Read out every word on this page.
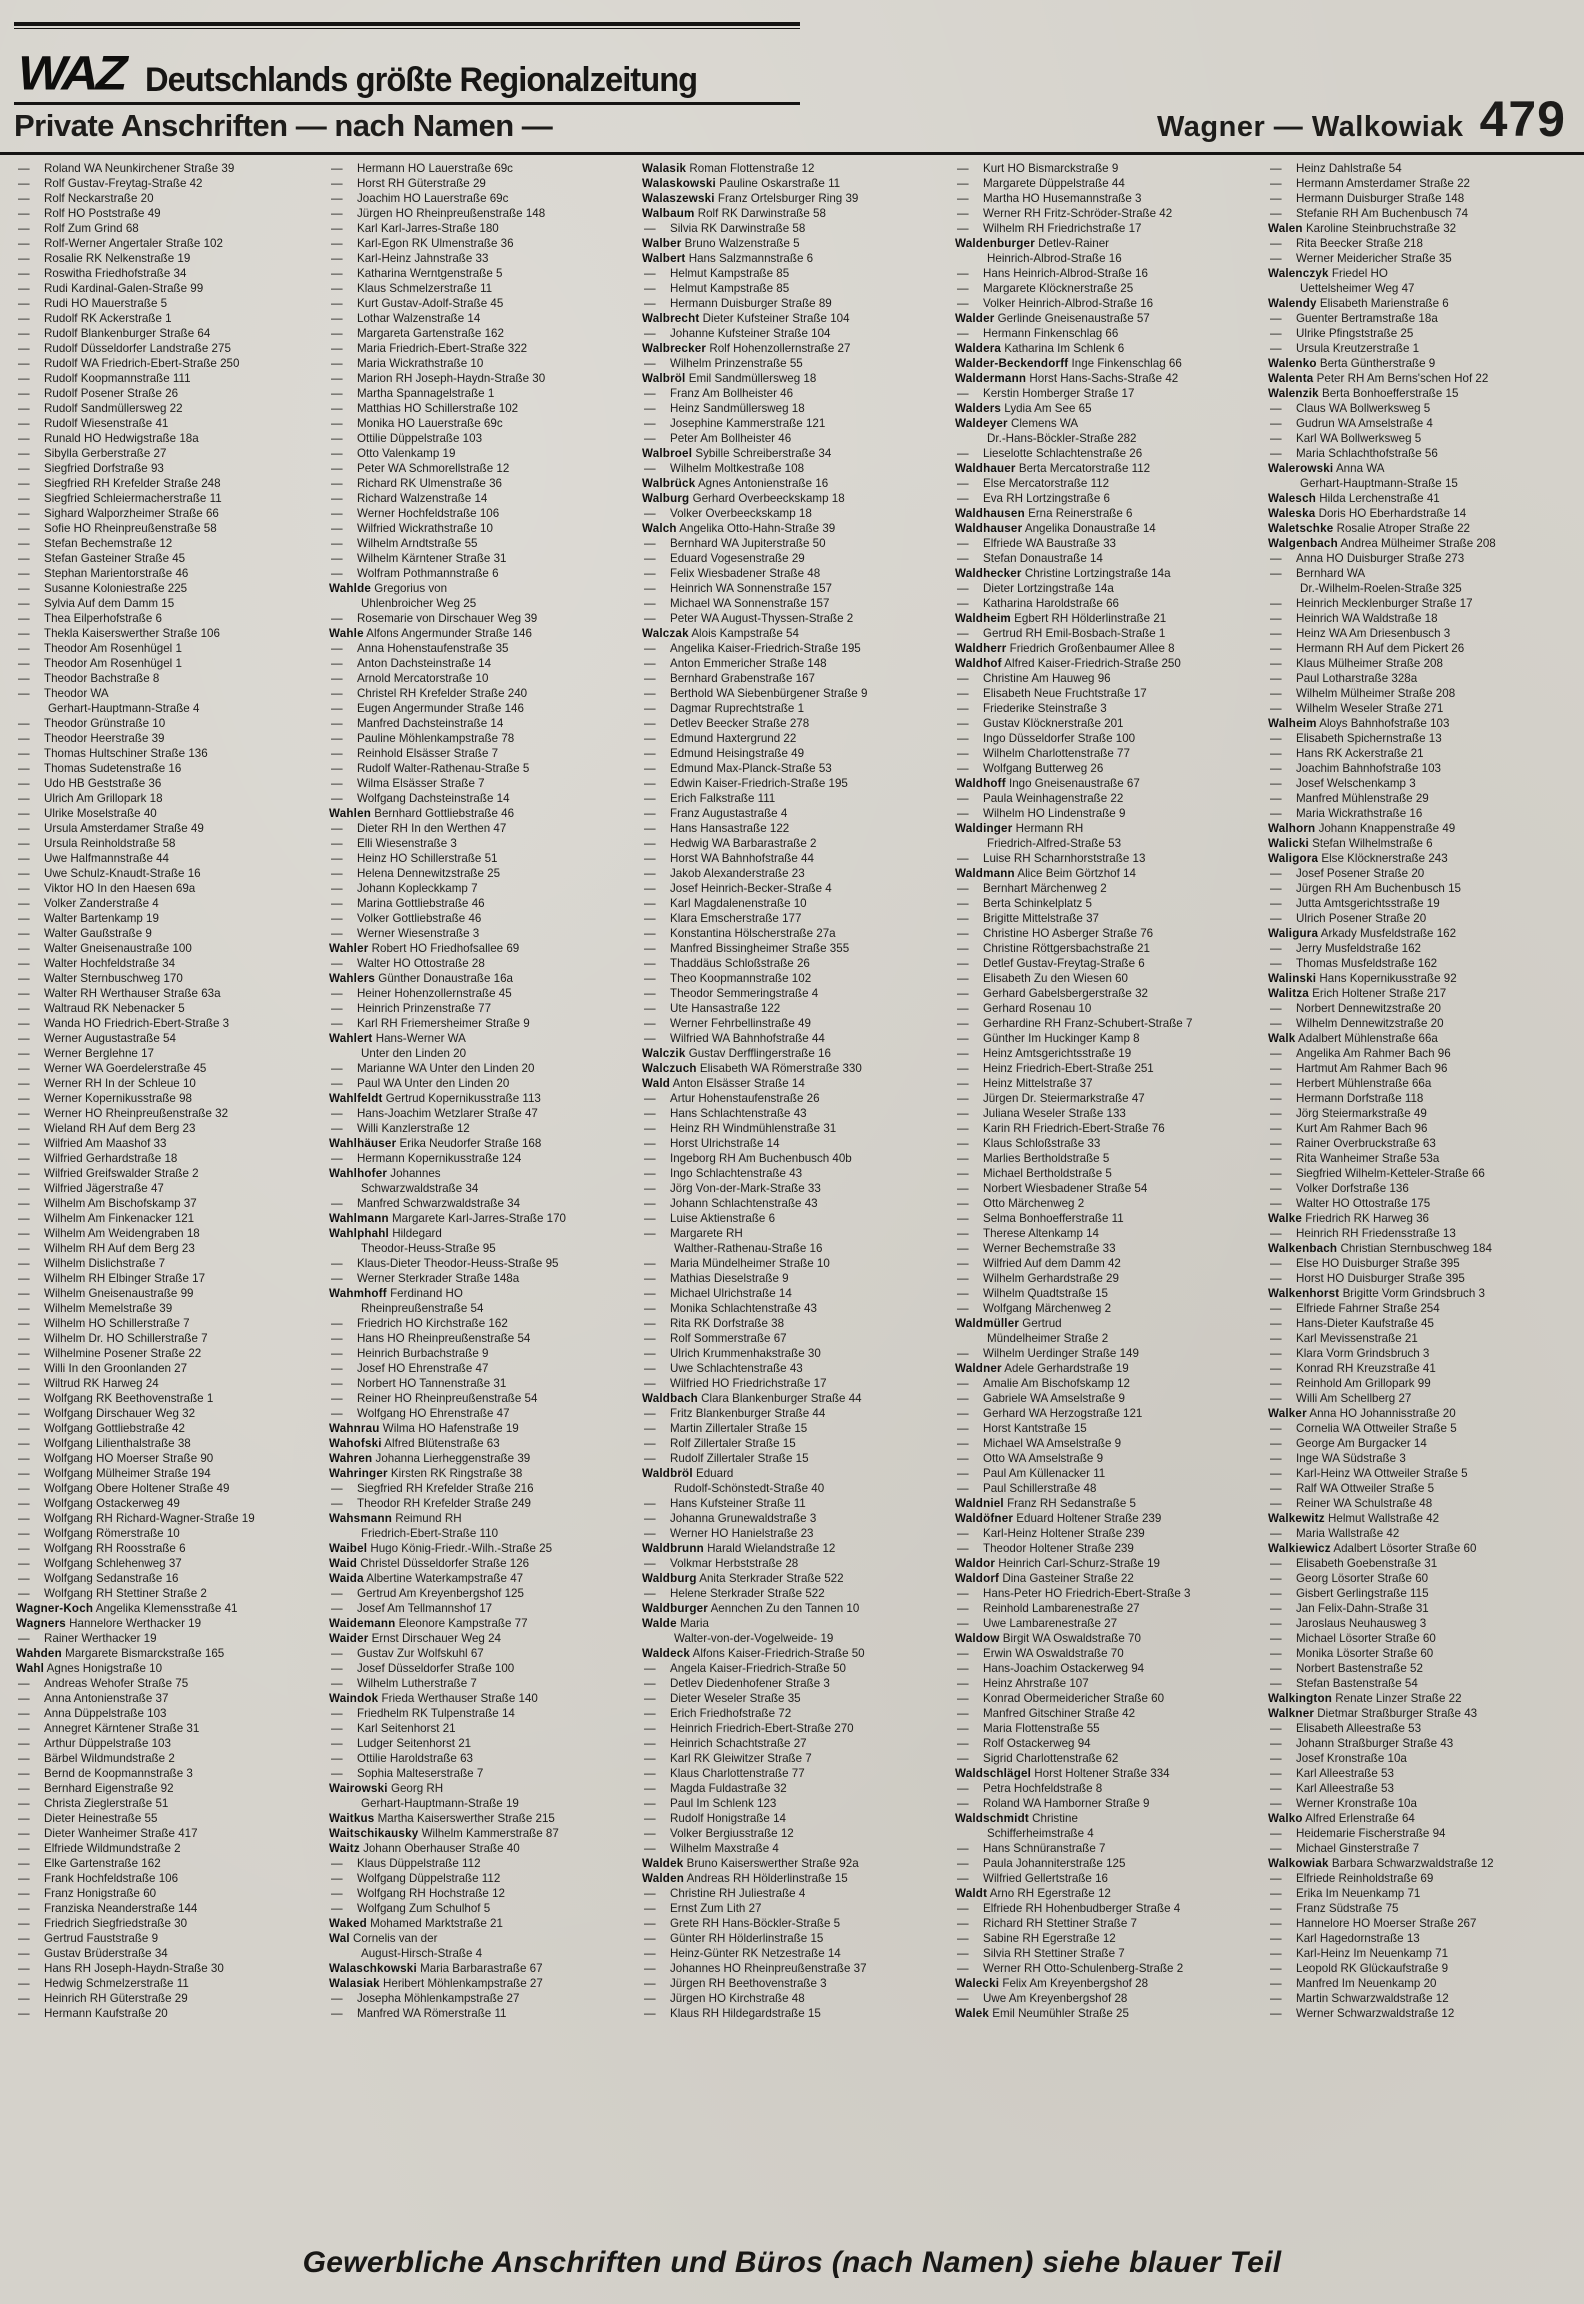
WAZ Deutschlands größte Regionalzeitung
Private Anschriften — nach Namen —	Wagner — Walkowiak 479
— Roland WA Neunkirchener Straße 39
— Rolf Gustav-Freytag-Straße 42
— Rolf Neckarstraße 20
— Rolf HO Poststraße 49
— Rolf Zum Grind 68
— Rolf-Werner Angertaler Straße 102
— Rosalie RK Nelkenstraße 19
— Roswitha Friedhofstraße 34
— Rudi Kardinal-Galen-Straße 99
— Rudi HO Mauerstraße 5
— Rudolf RK Ackerstraße 1
— Rudolf Blankenburger Straße 64
— Rudolf Düsseldorfer Landstraße 275
— Rudolf WA Friedrich-Ebert-Straße 250
— Rudolf Koopmannstraße 111
— Rudolf Posener Straße 26
— Rudolf Sandmüllersweg 22
— Rudolf Wiesenstraße 41
— Runald HO Hedwigstraße 18a
— Sibylla Gerberstraße 27
— Siegfried Dorfstraße 93
— Siegfried RH Krefelder Straße 248
— Siegfried Schleiermacherstraße 11
— Sighard Walporzheimer Straße 66
— Sofie HO Rheinpreußenstraße 58
— Stefan Bechemstraße 12
— Stefan Gasteiner Straße 45
— Stephan Marientorstraße 46
— Susanne Koloniestraße 225
— Sylvia Auf dem Damm 15
— Thea Eilperhofstraße 6
— Thekla Kaiserswerther Straße 106
— Theodor Am Rosenhügel 1
— Theodor Am Rosenhügel 1
— Theodor Bachstraße 8
— Theodor WA
Gerhart-Hauptmann-Straße 4
— Theodor Grünstraße 10
— Theodor Heerstraße 39
— Thomas Hultschiner Straße 136
— Thomas Sudetenstraße 16
— Udo HB Geststraße 36
— Ulrich Am Grillopark 18
— Ulrike Moselstraße 40
— Ursula Amsterdamer Straße 49
— Ursula Reinholdstraße 58
— Uwe Halfmannstraße 44
— Uwe Schulz-Knaudt-Straße 16
— Viktor HO In den Haesen 69a
— Volker Zanderstraße 4
— Walter Bartenkamp 19
— Walter Gaußstraße 9
— Walter Gneisenaustraße 100
— Walter Hochfeldstraße 34
— Walter Sternbuschweg 170
— Walter RH Werthauser Straße 63a
— Waltraud RK Nebenacker 5
— Wanda HO Friedrich-Ebert-Straße 3
— Werner Augustastraße 54
— Werner Berglehne 17
— Werner WA Goerdelerstraße 45
— Werner RH In der Schleue 10
— Werner Kopernikusstraße 98
— Werner HO Rheinpreußenstraße 32
— Wieland RH Auf dem Berg 23
— Wilfried Am Maashof 33
— Wilfried Gerhardstraße 18
— Wilfried Greifswalder Straße 2
— Wilfried Jägerstraße 47
— Wilhelm Am Bischofskamp 37
— Wilhelm Am Finkenacker 121
— Wilhelm Am Weidengraben 18
— Wilhelm RH Auf dem Berg 23
— Wilhelm Dislichstraße 7
— Wilhelm RH Elbinger Straße 17
— Wilhelm Gneisenaustraße 99
— Wilhelm Memelstraße 39
— Wilhelm HO Schillerstraße 7
— Wilhelm Dr. HO Schillerstraße 7
— Wilhelmine Posener Straße 22
— Willi In den Groonlanden 27
— Wiltrud RK Harweg 24
— Wolfgang RK Beethovenstraße 1
— Wolfgang Dirschauer Weg 32
— Wolfgang Gottliebstraße 42
— Wolfgang Lilienthalstraße 38
— Wolfgang HO Moerser Straße 90
— Wolfgang Mülheimer Straße 194
— Wolfgang Obere Holtener Straße 49
— Wolfgang Ostackerweg 49
— Wolfgang RH Richard-Wagner-Straße 19
— Wolfgang Römerstraße 10
— Wolfgang RH Roosstraße 6
— Wolfgang Schlehenweg 37
— Wolfgang Sedanstraße 16
— Wolfgang RH Stettiner Straße 2
Wagner-Koch Angelika Klemensstraße 41
Wagners Hannelore Werthacker 19
— Rainer Werthacker 19
Wahden Margarete Bismarckstraße 165
Wahl Agnes Honigstraße 10
— Andreas Wehofer Straße 75
— Anna Antonienstraße 37
— Anna Düppelstraße 103
— Annegret Kärntener Straße 31
— Arthur Düppelstraße 103
— Bärbel Wildmundstraße 2
— Bernd de Koopmannstraße 3
— Bernhard Eigenstraße 92
— Christa Zieglerstraße 51
— Dieter Heinestraße 55
— Dieter Wanheimer Straße 417
— Elfriede Wildmundstraße 2
— Elke Gartenstraße 162
— Frank Hochfeldstraße 106
— Franz Honigstraße 60
— Franziska Neanderstraße 144
— Friedrich Siegfriedstraße 30
— Gertrud Fauststraße 9
— Gustav Brüderstraße 34
— Hans RH Joseph-Haydn-Straße 30
— Hedwig Schmelzerstraße 11
— Heinrich RH Güterstraße 29
— Hermann Kaufstraße 20
— Hermann HO Lauerstraße 69c
— Horst RH Güterstraße 29
— Joachim HO Lauerstraße 69c
— Jürgen HO Rheinpreußenstraße 148
— Karl Karl-Jarres-Straße 180
— Karl-Egon RK Ulmenstraße 36
— Karl-Heinz Jahnstraße 33
— Katharina Werntgenstraße 5
— Klaus Schmelzerstraße 11
— Kurt Gustav-Adolf-Straße 45
— Lothar Walzenstraße 14
— Margareta Gartenstraße 162
— Maria Friedrich-Ebert-Straße 322
— Maria Wickrathstraße 10
— Marion RH Joseph-Haydn-Straße 30
— Martha Spannagelstraße 1
— Matthias HO Schillerstraße 102
— Monika HO Lauerstraße 69c
— Ottilie Düppelstraße 103
— Otto Valenkamp 19
— Peter WA Schmorellstraße 12
— Richard RK Ulmenstraße 36
— Richard Walzenstraße 14
— Werner Hochfeldstraße 106
— Wilfried Wickrathstraße 10
— Wilhelm Arndtstraße 55
— Wilhelm Kärntener Straße 31
— Wolfram Pothmannstraße 6
Wahlde Gregorius von
Uhlenbroicher Weg 25
— Rosemarie von Dirschauer Weg 39
Wahle Alfons Angermunder Straße 146
— Anna Hohenstaufenstraße 35
— Anton Dachsteinstraße 14
— Arnold Mercatorstraße 10
— Christel RH Krefelder Straße 240
— Eugen Angermunder Straße 146
— Manfred Dachsteinstraße 14
— Pauline Möhlenkampstraße 78
— Reinhold Elsässer Straße 7
— Rudolf Walter-Rathenau-Straße 5
— Wilma Elsässer Straße 7
— Wolfgang Dachsteinstraße 14
Wahlen Bernhard Gottliebstraße 46
— Dieter RH In den Werthen 47
— Elli Wiesenstraße 3
— Heinz HO Schillerstraße 51
— Helena Dennewitzstraße 25
— Johann Kopleckkamp 7
— Marina Gottliebstraße 46
— Volker Gottliebstraße 46
— Werner Wiesenstraße 3
Wahler Robert HO Friedhofsallee 69
— Walter HO Ottostraße 28
Wahlers Günther Donaustraße 16a
— Heiner Hohenzollernstraße 45
— Heinrich Prinzenstraße 77
— Karl RH Friemersheimer Straße 9
Wahlert Hans-Werner WA
Unter den Linden 20
— Marianne WA Unter den Linden 20
— Paul WA Unter den Linden 20
Wahlfeldt Gertrud Kopernikusstraße 113
— Hans-Joachim Wetzlarer Straße 47
— Willi Kanzlerstraße 12
Wahlhäuser Erika Neudorfer Straße 168
— Hermann Kopernikusstraße 124
Wahlhofer Johannes
Schwarzwaldstraße 34
— Manfred Schwarzwaldstraße 34
Wahlmann Margarete Karl-Jarres-Straße 170
Wahlphahl Hildegard
Theodor-Heuss-Straße 95
— Klaus-Dieter Theodor-Heuss-Straße 95
— Werner Sterkrader Straße 148a
Wahmhoff Ferdinand HO
Rheinpreußenstraße 54
— Friedrich HO Kirchstraße 162
— Hans HO Rheinpreußenstraße 54
— Heinrich Burbachstraße 9
— Josef HO Ehrenstraße 47
— Norbert HO Tannenstraße 31
— Reiner HO Rheinpreußenstraße 54
— Wolfgang HO Ehrenstraße 47
Wahnrau Wilma HO Hafenstraße 19
Wahofski Alfred Blütenstraße 63
Wahren Johanna Lierheggenstraße 39
Wahringer Kirsten RK Ringstraße 38
— Siegfried RH Krefelder Straße 216
— Theodor RH Krefelder Straße 249
Wahsmann Reimund RH
Friedrich-Ebert-Straße 110
Waibel Hugo König-Friedr.-Wilh.-Straße 25
Waid Christel Düsseldorfer Straße 126
Waida Albertine Waterkampstraße 47
— Gertrud Am Kreyenbergshof 125
— Josef Am Tellmannshof 17
Waidemann Eleonore Kampstraße 77
Waider Ernst Dirschauer Weg 24
— Gustav Zur Wolfskuhl 67
— Josef Düsseldorfer Straße 100
— Wilhelm Lutherstraße 7
Waindok Frieda Werthauser Straße 140
— Friedhelm RK Tulpenstraße 14
— Karl Seitenhorst 21
— Ludger Seitenhorst 21
— Ottilie Haroldstraße 63
— Sophia Malteserstraße 7
Wairowski Georg RH
Gerhart-Hauptmann-Straße 19
Waitkus Martha Kaiserswerther Straße 215
Waitschikausky Wilhelm Kammerstraße 87
Waitz Johann Oberhauser Straße 40
— Klaus Düppelstraße 112
— Wolfgang Düppelstraße 112
— Wolfgang RH Hochstraße 12
— Wolfgang Zum Schulhof 5
Waked Mohamed Marktstraße 21
Wal Cornelis van der
August-Hirsch-Straße 4
Walaschkowski Maria Barbarastraße 67
Walasiak Heribert Möhlenkampstraße 27
— Josepha Möhlenkampstraße 27
— Manfred WA Römerstraße 11
Walasik Roman Flottenstraße 12
Walaskowski Pauline Oskarstraße 11
Walaszewski Franz Ortelsburger Ring 39
Walbaum Rolf RK Darwinstraße 58
— Silvia RK Darwinstraße 58
Walber Bruno Walzenstraße 5
Walbert Hans Salzmannstraße 6
— Helmut Kampstraße 85
— Helmut Kampstraße 85
— Hermann Duisburger Straße 89
Walbrecht Dieter Kufsteiner Straße 104
— Johanne Kufsteiner Straße 104
Walbrecker Rolf Hohenzollernstraße 27
— Wilhelm Prinzenstraße 55
Walbröl Emil Sandmüllersweg 18
— Franz Am Bollheister 46
— Heinz Sandmüllersweg 18
— Josephine Kammerstraße 121
— Peter Am Bollheister 46
Walbroel Sybille Schreiberstraße 34
— Wilhelm Moltkestraße 108
Walbrück Agnes Antonienstraße 16
Walburg Gerhard Overbeeckskamp 18
— Volker Overbeeckskamp 18
Walch Angelika Otto-Hahn-Straße 39
— Bernhard WA Jupiterstraße 50
— Eduard Vogesenstraße 29
— Felix Wiesbadener Straße 48
— Heinrich WA Sonnenstraße 157
— Michael WA Sonnenstraße 157
— Peter WA August-Thyssen-Straße 2
Walczak Alois Kampstraße 54
— Angelika Kaiser-Friedrich-Straße 195
— Anton Emmericher Straße 148
— Bernhard Grabenstraße 167
— Berthold WA Siebenbürgener Straße 9
— Dagmar Ruprechtstraße 1
— Detlev Beecker Straße 278
— Edmund Haxtergrund 22
— Edmund Heisingstraße 49
— Edmund Max-Planck-Straße 53
— Edwin Kaiser-Friedrich-Straße 195
— Erich Falkstraße 111
— Franz Augustastraße 4
— Hans Hansastraße 122
— Hedwig WA Barbarastraße 2
— Horst WA Bahnhofstraße 44
— Jakob Alexanderstraße 23
— Josef Heinrich-Becker-Straße 4
— Karl Magdalenenstraße 10
— Klara Emscherstraße 177
— Konstantina Hölscherstraße 27a
— Manfred Bissingheimer Straße 355
— Thaddäus Schloßstraße 26
— Theo Koopmannstraße 102
— Theodor Semmeringstraße 4
— Ute Hansastraße 122
— Werner Fehrbellinstraße 49
— Wilfried WA Bahnhofstraße 44
Walczik Gustav Derfflingerstraße 16
Walczuch Elisabeth WA Römerstraße 330
Wald Anton Elsässer Straße 14
— Artur Hohenstaufenstraße 26
— Hans Schlachtenstraße 43
— Heinz RH Windmühlenstraße 31
— Horst Ulrichstraße 14
— Ingeborg RH Am Buchenbusch 40b
— Ingo Schlachtenstraße 43
— Jörg Von-der-Mark-Straße 33
— Johann Schlachtenstraße 43
— Luise Aktienstraße 6
— Margarete RH
Walther-Rathenau-Straße 16
— Maria Mündelheimer Straße 10
— Mathias Dieselstraße 9
— Michael Ulrichstraße 14
— Monika Schlachtenstraße 43
— Rita RK Dorfstraße 38
— Rolf Sommerstraße 67
— Ulrich Krummenhakstraße 30
— Uwe Schlachtenstraße 43
— Wilfried HO Friedrichstraße 17
Waldbach Clara Blankenburger Straße 44
— Fritz Blankenburger Straße 44
— Martin Zillertaler Straße 15
— Rolf Zillertaler Straße 15
— Rudolf Zillertaler Straße 15
Waldbröl Eduard
Rudolf-Schönstedt-Straße 40
— Hans Kufsteiner Straße 11
— Johanna Grunewaldstraße 3
— Werner HO Hanielstraße 23
Waldbrunn Harald Wielandstraße 12
— Volkmar Herbststraße 28
Waldburg Anita Sterkrader Straße 522
— Helene Sterkrader Straße 522
Waldburger Aennchen Zu den Tannen 10
Walde Maria
Walter-von-der-Vogelweide- 19
Waldeck Alfons Kaiser-Friedrich-Straße 50
— Angela Kaiser-Friedrich-Straße 50
— Detlev Diedenhofener Straße 3
— Dieter Weseler Straße 35
— Erich Friedhofstraße 72
— Heinrich Friedrich-Ebert-Straße 270
— Heinrich Schachtstraße 27
— Karl RK Gleiwitzer Straße 7
— Klaus Charlottenstraße 77
— Magda Fuldastraße 32
— Paul Im Schlenk 123
— Rudolf Honigstraße 14
— Volker Bergiusstraße 12
— Wilhelm Maxstraße 4
Waldek Bruno Kaiserswerther Straße 92a
Walden Andreas RH Hölderlinstraße 15
— Christine RH Juliestraße 4
— Ernst Zum Lith 27
— Grete RH Hans-Böckler-Straße 5
— Günter RH Hölderlinstraße 15
— Heinz-Günter RK Netzestraße 14
— Johannes HO Rheinpreußenstraße 37
— Jürgen RH Beethovenstraße 3
— Jürgen HO Kirchstraße 48
— Klaus RH Hildegardstraße 15
— Kurt HO Bismarckstraße 9
— Margarete Düppelstraße 44
— Martha HO Husemannstraße 3
— Werner RH Fritz-Schröder-Straße 42
— Wilhelm RH Friedrichstraße 17
Waldenburger Detlev-Rainer
Heinrich-Albrod-Straße 16
— Hans Heinrich-Albrod-Straße 16
— Margarete Klöcknerstraße 25
— Volker Heinrich-Albrod-Straße 16
Walder Gerlinde Gneisenaustraße 57
— Hermann Finkenschlag 66
Waldera Katharina Im Schlenk 6
Walder-Beckendorff Inge Finkenschlag 66
Waldermann Horst Hans-Sachs-Straße 42
— Kerstin Homberger Straße 17
Walders Lydia Am See 65
Waldeyer Clemens WA
Dr.-Hans-Böckler-Straße 282
— Lieselotte Schlachtenstraße 26
Waldhauer Berta Mercatorstraße 112
— Else Mercatorstraße 112
— Eva RH Lortzingstraße 6
Waldhausen Erna Reinerstraße 6
Waldhauser Angelika Donaustraße 14
— Elfriede WA Baustraße 33
— Stefan Donaustraße 14
Waldhecker Christine Lortzingstraße 14a
— Dieter Lortzingstraße 14a
— Katharina Haroldstraße 66
Waldheim Egbert RH Hölderlinstraße 21
— Gertrud RH Emil-Bosbach-Straße 1
Waldherr Friedrich Großenbaumer Allee 8
Waldhof Alfred Kaiser-Friedrich-Straße 250
— Christine Am Hauweg 96
— Elisabeth Neue Fruchtstraße 17
— Friederike Steinstraße 3
— Gustav Klöcknerstraße 201
— Ingo Düsseldorfer Straße 100
— Wilhelm Charlottenstraße 77
— Wolfgang Butterweg 26
Waldhoff Ingo Gneisenaustraße 67
— Paula Weinhagenstraße 22
— Wilhelm HO Lindenstraße 9
Waldinger Hermann RH
Friedrich-Alfred-Straße 53
— Luise RH Scharnhorststraße 13
Waldmann Alice Beim Görtzhof 14
— Bernhart Märchenweg 2
— Berta Schinkelplatz 5
— Brigitte Mittelstraße 37
— Christine HO Asberger Straße 76
— Christine Röttgersbachstraße 21
— Detlef Gustav-Freytag-Straße 6
— Elisabeth Zu den Wiesen 60
— Gerhard Gabelsbergerstraße 32
— Gerhard Rosenau 10
— Gerhardine RH Franz-Schubert-Straße 7
— Günther Im Huckinger Kamp 8
— Heinz Amtsgerichtsstraße 19
— Heinz Friedrich-Ebert-Straße 251
— Heinz Mittelstraße 37
— Jürgen Dr. Steiermarkstraße 47
— Juliana Weseler Straße 133
— Karin RH Friedrich-Ebert-Straße 76
— Klaus Schloßstraße 33
— Marlies Bertholdstraße 5
— Michael Bertholdstraße 5
— Norbert Wiesbadener Straße 54
— Otto Märchenweg 2
— Selma Bonhoefferstraße 11
— Therese Altenkamp 14
— Werner Bechemstraße 33
— Wilfried Auf dem Damm 42
— Wilhelm Gerhardstraße 29
— Wilhelm Quadtstraße 15
— Wolfgang Märchenweg 2
Waldmüller Gertrud
Mündelheimer Straße 2
— Wilhelm Uerdinger Straße 149
Waldner Adele Gerhardstraße 19
— Amalie Am Bischofskamp 12
— Gabriele WA Amselstraße 9
— Gerhard WA Herzogstraße 121
— Horst Kantstraße 15
— Michael WA Amselstraße 9
— Otto WA Amselstraße 9
— Paul Am Küllenacker 11
— Paul Schillerstraße 48
Waldniel Franz RH Sedanstraße 5
Waldöfner Eduard Holtener Straße 239
— Karl-Heinz Holtener Straße 239
— Theodor Holtener Straße 239
Waldor Heinrich Carl-Schurz-Straße 19
Waldorf Dina Gasteiner Straße 22
— Hans-Peter HO Friedrich-Ebert-Straße 3
— Reinhold Lambarenestraße 27
— Uwe Lambarenestraße 27
Waldow Birgit WA Oswaldstraße 70
— Erwin WA Oswaldstraße 70
— Hans-Joachim Ostackerweg 94
— Heinz Ahrstraße 107
— Konrad Obermeidericher Straße 60
— Manfred Gitschiner Straße 42
— Maria Flottenstraße 55
— Rolf Ostackerweg 94
— Sigrid Charlottenstraße 62
Waldschlägel Horst Holtener Straße 334
— Petra Hochfeldstraße 8
— Roland WA Hamborner Straße 9
Waldschmidt Christine
Schifferheimstraße 4
— Hans Schnüranstraße 7
— Paula Johanniterstraße 125
— Wilfried Gellertstraße 16
Waldt Arno RH Egerstraße 12
— Elfriede RH Hohenbudberger Straße 4
— Richard RH Stettiner Straße 7
— Sabine RH Egerstraße 12
— Silvia RH Stettiner Straße 7
— Werner RH Otto-Schulenberg-Straße 2
Walecki Felix Am Kreyenbergshof 28
— Uwe Am Kreyenbergshof 28
Walek Emil Neumühler Straße 25
— Heinz Dahlstraße 54
— Hermann Amsterdamer Straße 22
— Hermann Duisburger Straße 148
— Stefanie RH Am Buchenbusch 74
Walen Karoline Steinbruchstraße 32
— Rita Beecker Straße 218
— Werner Meidericher Straße 35
Walenczyk Friedel HO
Uettelsheimer Weg 47
Walendy Elisabeth Marienstraße 6
— Guenter Bertramstraße 18a
— Ulrike Pfingststraße 25
— Ursula Kreutzerstraße 1
Walenko Berta Güntherstraße 9
Walenta Peter RH Am Berns'schen Hof 22
Walenzik Berta Bonhoefferstraße 15
— Claus WA Bollwerksweg 5
— Gudrun WA Amselstraße 4
— Karl WA Bollwerksweg 5
— Maria Schlachthofstraße 56
Walerowski Anna WA
Gerhart-Hauptmann-Straße 15
Walesch Hilda Lerchenstraße 41
Waleska Doris HO Eberhardstraße 14
Waletschke Rosalie Atroper Straße 22
Walgenbach Andrea Mülheimer Straße 208
— Anna HO Duisburger Straße 273
— Bernhard WA
Dr.-Wilhelm-Roelen-Straße 325
— Heinrich Mecklenburger Straße 17
— Heinrich WA Waldstraße 18
— Heinz WA Am Driesenbusch 3
— Hermann RH Auf dem Pickert 26
— Klaus Mülheimer Straße 208
— Paul Lotharstraße 328a
— Wilhelm Mülheimer Straße 208
— Wilhelm Weseler Straße 271
Walheim Aloys Bahnhofstraße 103
— Elisabeth Spichernstraße 13
— Hans RK Ackerstraße 21
— Joachim Bahnhofstraße 103
— Josef Welschenkamp 3
— Manfred Mühlenstraße 29
— Maria Wickrathstraße 16
Walhorn Johann Knappenstraße 49
Walicki Stefan Wilhelmstraße 6
Waligora Else Klöcknerstraße 243
— Josef Posener Straße 20
— Jürgen RH Am Buchenbusch 15
— Jutta Amtsgerichtsstraße 19
— Ulrich Posener Straße 20
Waligura Arkady Musfeldstraße 162
— Jerry Musfeldstraße 162
— Thomas Musfeldstraße 162
Walinski Hans Kopernikusstraße 92
Walitza Erich Holtener Straße 217
— Norbert Dennewitzstraße 20
— Wilhelm Dennewitzstraße 20
Walk Adalbert Mühlenstraße 66a
— Angelika Am Rahmer Bach 96
— Hartmut Am Rahmer Bach 96
— Herbert Mühlenstraße 66a
— Hermann Dorfstraße 118
— Jörg Steiermarkstraße 49
— Kurt Am Rahmer Bach 96
— Rainer Overbruckstraße 63
— Rita Wanheimer Straße 53a
— Siegfried Wilhelm-Ketteler-Straße 66
— Volker Dorfstraße 136
— Walter HO Ottostraße 175
Walke Friedrich RK Harweg 36
— Heinrich RH Friedensstraße 13
Walkenbach Christian Sternbuschweg 184
— Else HO Duisburger Straße 395
— Horst HO Duisburger Straße 395
Walkenhorst Brigitte Vorm Grindsbruch 3
— Elfriede Fahrner Straße 254
— Hans-Dieter Kaufstraße 45
— Karl Mevissenstraße 21
— Klara Vorm Grindsbruch 3
— Konrad RH Kreuzstraße 41
— Reinhold Am Grillopark 99
— Willi Am Schellberg 27
Walker Anna HO Johannisstraße 20
— Cornelia WA Ottweiler Straße 5
— George Am Burgacker 14
— Inge WA Südstraße 3
— Karl-Heinz WA Ottweiler Straße 5
— Ralf WA Ottweiler Straße 5
— Reiner WA Schulstraße 48
Walkewitz Helmut Wallstraße 42
— Maria Wallstraße 42
Walkiewicz Adalbert Lösorter Straße 60
— Elisabeth Goebenstraße 31
— Georg Lösorter Straße 60
— Gisbert Gerlingstraße 115
— Jan Felix-Dahn-Straße 31
— Jaroslaus Neuhausweg 3
— Michael Lösorter Straße 60
— Monika Lösorter Straße 60
— Norbert Bastenstraße 52
— Stefan Bastenstraße 54
Walkington Renate Linzer Straße 22
Walkner Dietmar Straßburger Straße 43
— Elisabeth Alleestraße 53
— Johann Straßburger Straße 43
— Josef Kronstraße 10a
— Karl Alleestraße 53
— Karl Alleestraße 53
— Werner Kronstraße 10a
Walko Alfred Erlenstraße 64
— Heidemarie Fischerstraße 94
— Michael Ginsterstraße 7
Walkowiak Barbara Schwarzwaldstraße 12
— Elfriede Reinholdstraße 69
— Erika Im Neuenkamp 71
— Franz Südstraße 75
— Hannelore HO Moerser Straße 267
— Karl Hagedornstraße 13
— Karl-Heinz Im Neuenkamp 71
— Leopold RK Glückaufstraße 9
— Manfred Im Neuenkamp 20
— Martin Schwarzwaldstraße 12
— Werner Schwarzwaldstraße 12

Gewerbliche Anschriften und Büros (nach Namen) siehe blauer Teil
